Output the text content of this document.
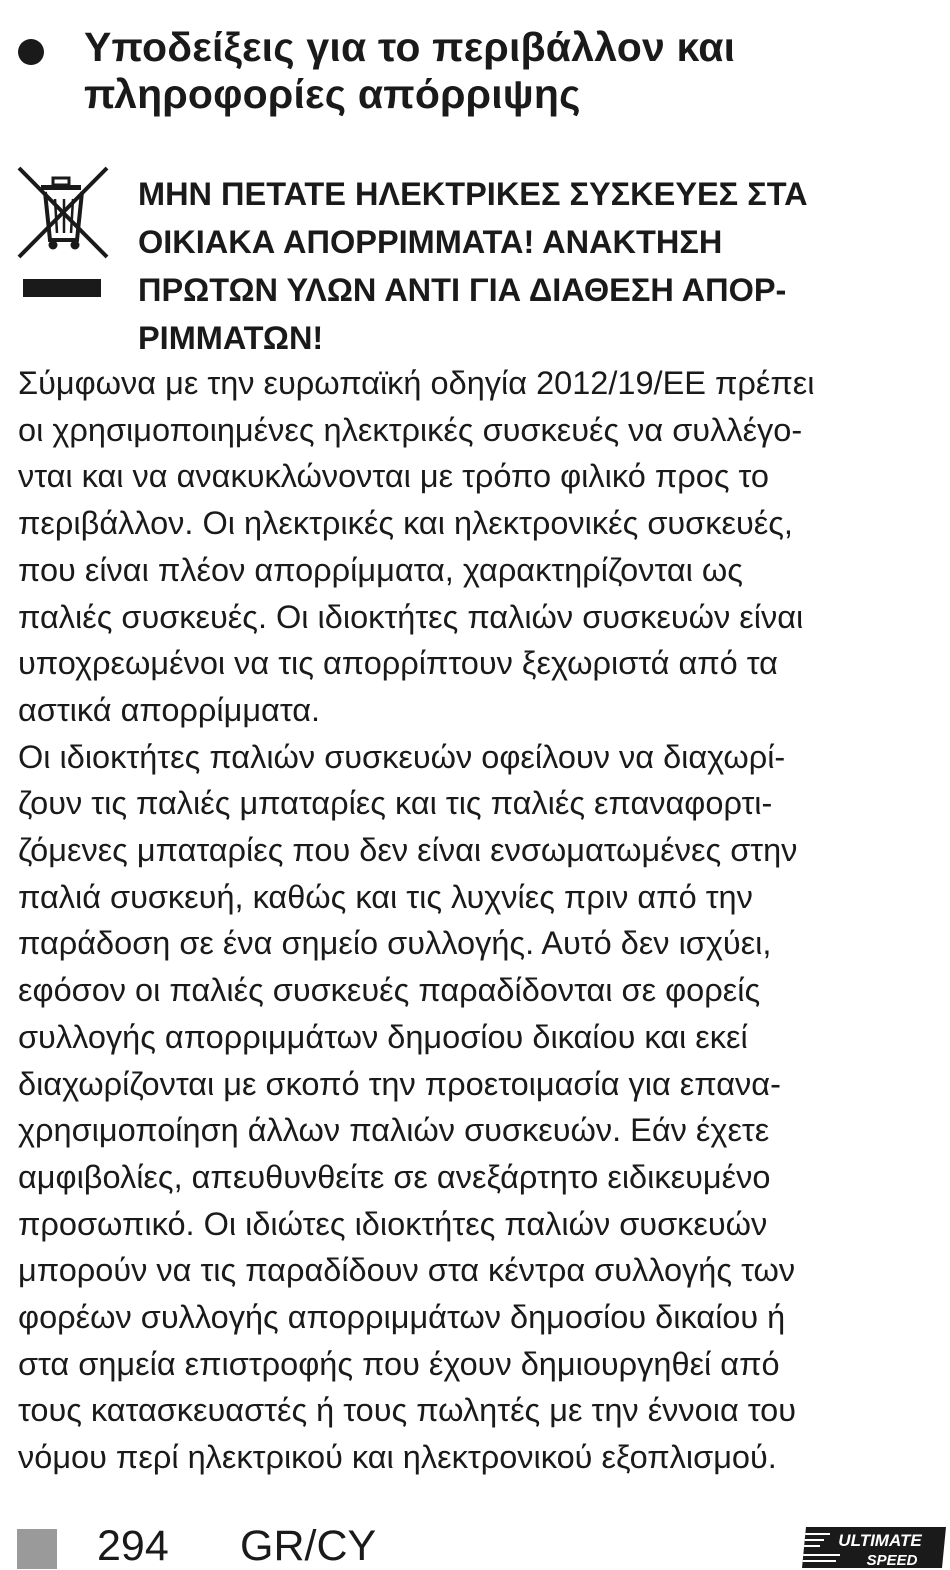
Υποδείξεις για το περιβάλλον και
πληροφορίες απόρριψης
ΜΗΝ ΠΕΤΑΤΕ ΗΛΕΚΤΡΙΚΕΣ ΣΥΣΚΕΥΕΣ ΣΤΑ
ΟΙΚΙΑΚΑ ΑΠΟΡΡΙΜΜΑΤΑ! ΑΝΑΚΤΗΣΗ
ΠΡΩΤΩΝ ΥΛΩΝ ΑΝΤΙ ΓΙΑ ΔΙΑΘΕΣΗ ΑΠΟΡ-
ΡΙΜΜΑΤΩΝ!
Σύμφωνα με την ευρωπαϊκή οδηγία 2012/19/ΕΕ πρέπει
οι χρησιμοποιημένες ηλεκτρικές συσκευές να συλλέγο-
νται και να ανακυκλώνονται με τρόπο φιλικό προς το
περιβάλλον. Οι ηλεκτρικές και ηλεκτρονικές συσκευές,
που είναι πλέον απορρίμματα, χαρακτηρίζονται ως
παλιές συσκευές. Οι ιδιοκτήτες παλιών συσκευών είναι
υποχρεωμένοι να τις απορρίπτουν ξεχωριστά από τα
αστικά απορρίμματα.
Οι ιδιοκτήτες παλιών συσκευών οφείλουν να διαχωρί-
ζουν τις παλιές μπαταρίες και τις παλιές επαναφορτι-
ζόμενες μπαταρίες που δεν είναι ενσωματωμένες στην
παλιά συσκευή, καθώς και τις λυχνίες πριν από την
παράδοση σε ένα σημείο συλλογής. Αυτό δεν ισχύει,
εφόσον οι παλιές συσκευές παραδίδονται σε φορείς
συλλογής απορριμμάτων δημοσίου δικαίου και εκεί
διαχωρίζονται με σκοπό την προετοιμασία για επανα-
χρησιμοποίηση άλλων παλιών συσκευών. Εάν έχετε
αμφιβολίες, απευθυνθείτε σε ανεξάρτητο ειδικευμένο
προσωπικό. Οι ιδιώτες ιδιοκτήτες παλιών συσκευών
μπορούν να τις παραδίδουν στα κέντρα συλλογής των
φορέων συλλογής απορριμμάτων δημοσίου δικαίου ή
στα σημεία επιστροφής που έχουν δημιουργηθεί από
τους κατασκευαστές ή τους πωλητές με την έννοια του
νόμου περί ηλεκτρικού και ηλεκτρονικού εξοπλισμού.
294 GR/CY	ULTIMATE
SPEED
